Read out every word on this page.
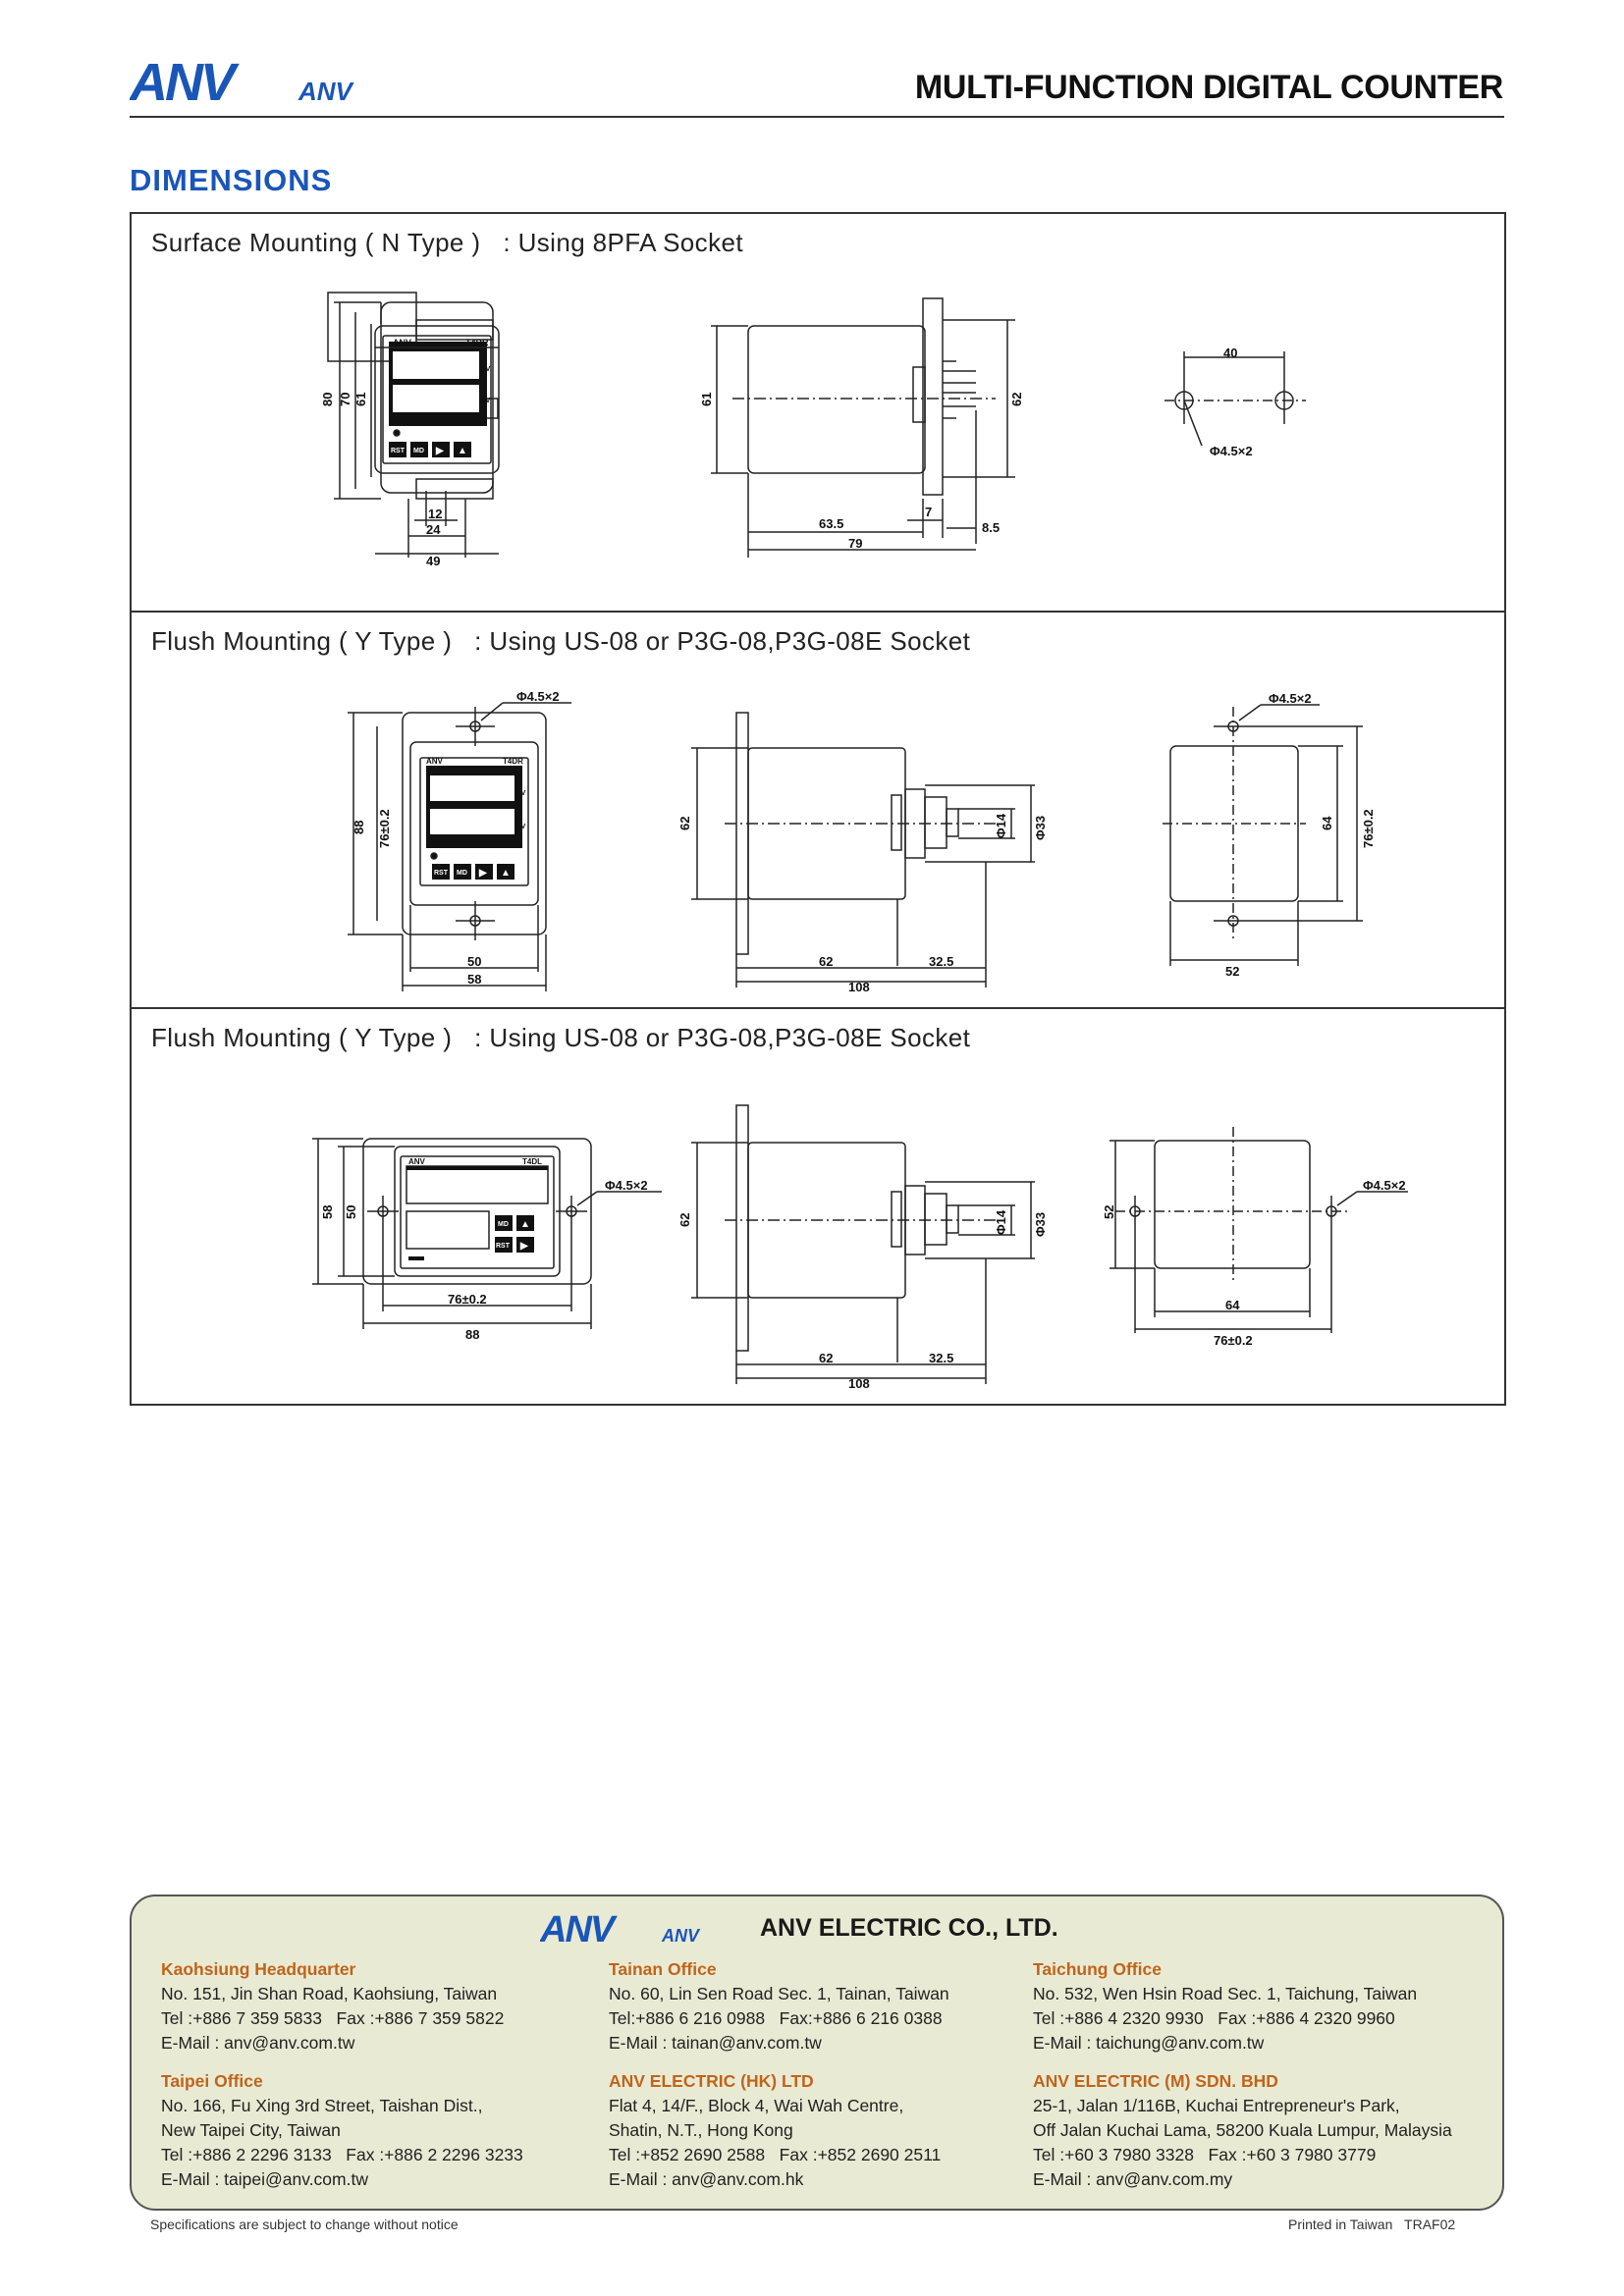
ANV	ANV	MULTI-FUNCTION DIGITAL COUNTER
DIMENSIONS
Surface Mounting ( N Type )   : Using 8PFA Socket
ANV	T4DR
PV
SV
RST MD ▶ ▲
80 70 61
12
24
49
61	62
63.5
7
8.5
79
40
Φ4.5×2
Flush Mounting ( Y Type )   : Using US-08 or P3G-08,P3G-08E Socket
ANV	T4DR
PV
SV
RST MD ▶ ▲
Φ4.5×2
88 76±0.2
50
58
62	Φ14 Φ33
62	32.5
108
Φ4.5×2
64 76±0.2
52
Flush Mounting ( Y Type )   : Using US-08 or P3G-08,P3G-08E Socket
ANV	T4DL
MD ▲
RST ▶
Φ4.5×2
58 50
76±0.2
88
62	Φ14 Φ33
62	32.5
108
Φ4.5×2
52
64
76±0.2
ANV	ANV ANV ELECTRIC CO., LTD.
Kaohsiung Headquarter
No. 151, Jin Shan Road, Kaohsiung, Taiwan
Tel :+886 7 359 5833   Fax :+886 7 359 5822
E-Mail : anv@anv.com.tw
Tainan Office
No. 60, Lin Sen Road Sec. 1, Tainan, Taiwan
Tel:+886 6 216 0988   Fax:+886 6 216 0388
E-Mail : tainan@anv.com.tw
Taichung Office
No. 532, Wen Hsin Road Sec. 1, Taichung, Taiwan
Tel :+886 4 2320 9930   Fax :+886 4 2320 9960
E-Mail : taichung@anv.com.tw
Taipei Office
No. 166, Fu Xing 3rd Street, Taishan Dist.,
New Taipei City, Taiwan
Tel :+886 2 2296 3133   Fax :+886 2 2296 3233
E-Mail : taipei@anv.com.tw
ANV ELECTRIC (HK) LTD
Flat 4, 14/F., Block 4, Wai Wah Centre,
Shatin, N.T., Hong Kong
Tel :+852 2690 2588   Fax :+852 2690 2511
E-Mail : anv@anv.com.hk
ANV ELECTRIC (M) SDN. BHD
25-1, Jalan 1/116B, Kuchai Entrepreneur's Park,
Off Jalan Kuchai Lama, 58200 Kuala Lumpur, Malaysia
Tel :+60 3 7980 3328   Fax :+60 3 7980 3779
E-Mail : anv@anv.com.my
Specifications are subject to change without notice	Printed in Taiwan   TRAF02
